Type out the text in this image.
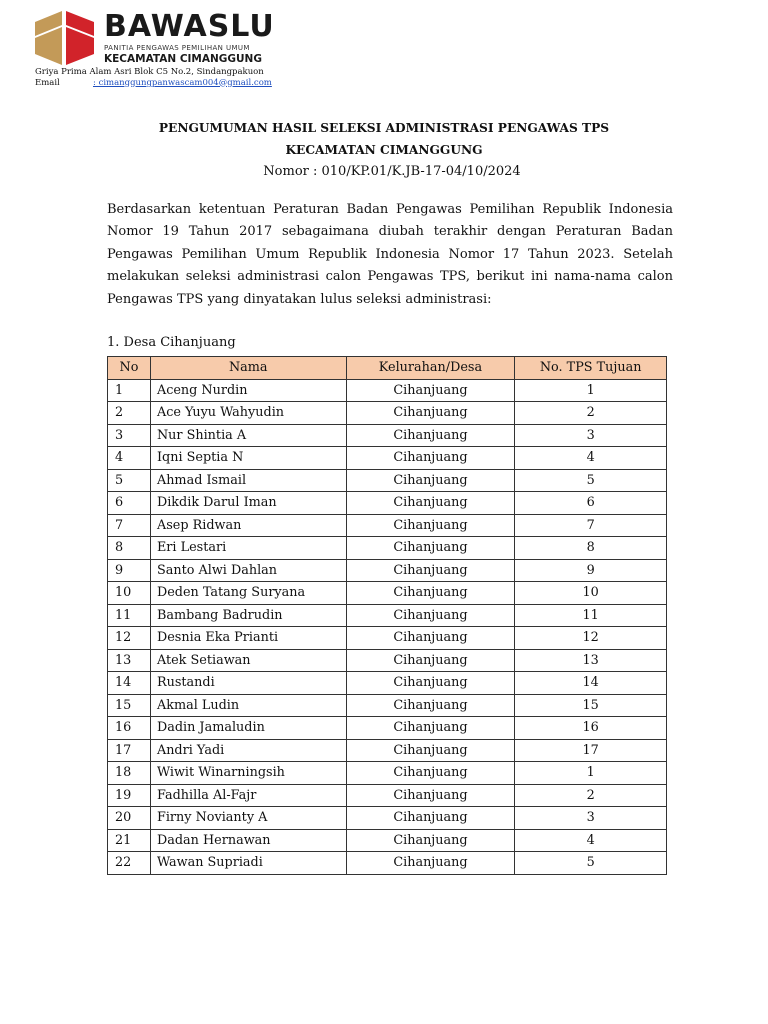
BAWASLU
PANITIA PENGAWAS PEMILIHAN UMUM
KECAMATAN CIMANGGUNG
Griya Prima Alam Asri Blok C5 No.2, Sindangpakuon
Email	: cimanggungpanwascam004@gmail.com
PENGUMUMAN HASIL SELEKSI ADMINISTRASI PENGAWAS TPS
KECAMATAN CIMANGGUNG
Nomor : 010/KP.01/K.JB-17-04/10/2024
Berdasarkan ketentuan Peraturan Badan Pengawas Pemilihan Republik Indonesia Nomor 19 Tahun 2017 sebagaimana diubah terakhir dengan Peraturan Badan Pengawas Pemilihan Umum Republik Indonesia Nomor 17 Tahun 2023. Setelah melakukan seleksi administrasi calon Pengawas TPS, berikut ini nama-nama calon Pengawas TPS yang dinyatakan lulus seleksi administrasi:
1. Desa Cihanjuang
No	Nama	Kelurahan/Desa	No. TPS Tujuan
1	Aceng Nurdin	Cihanjuang	1
2	Ace Yuyu Wahyudin	Cihanjuang	2
3	Nur Shintia A	Cihanjuang	3
4	Iqni Septia N	Cihanjuang	4
5	Ahmad Ismail	Cihanjuang	5
6	Dikdik Darul Iman	Cihanjuang	6
7	Asep Ridwan	Cihanjuang	7
8	Eri Lestari	Cihanjuang	8
9	Santo Alwi Dahlan	Cihanjuang	9
10	Deden Tatang Suryana	Cihanjuang	10
11	Bambang Badrudin	Cihanjuang	11
12	Desnia Eka Prianti	Cihanjuang	12
13	Atek Setiawan	Cihanjuang	13
14	Rustandi	Cihanjuang	14
15	Akmal Ludin	Cihanjuang	15
16	Dadin Jamaludin	Cihanjuang	16
17	Andri Yadi	Cihanjuang	17
18	Wiwit Winarningsih	Cihanjuang	1
19	Fadhilla Al-Fajr	Cihanjuang	2
20	Firny Novianty A	Cihanjuang	3
21	Dadan Hernawan	Cihanjuang	4
22	Wawan Supriadi	Cihanjuang	5
